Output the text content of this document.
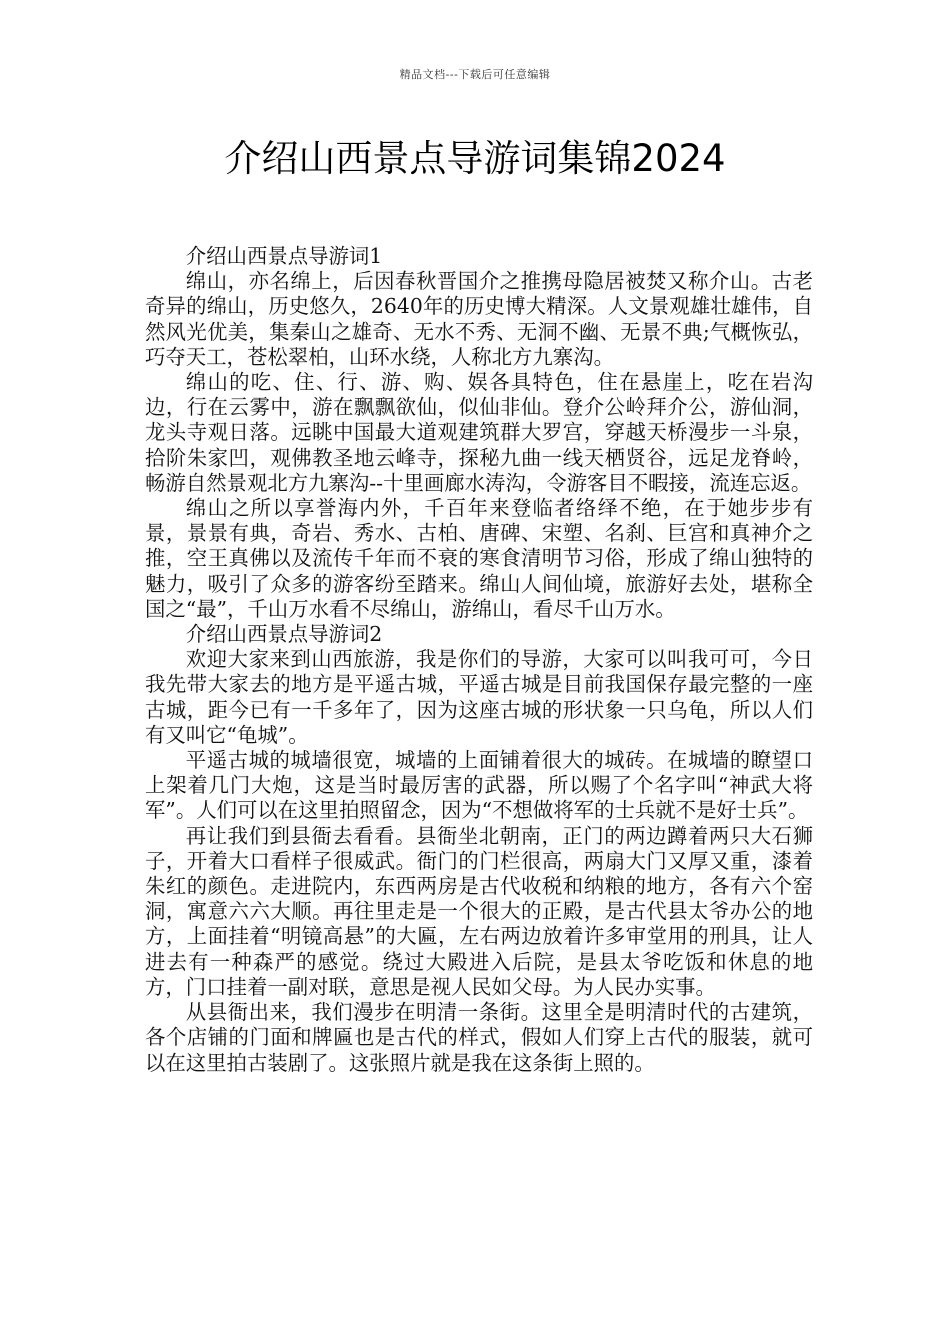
精品文档---下载后可任意编辑
介绍山西景点导游词集锦2024

介绍山西景点导游词1

绵山，亦名绵上，后因春秋晋国介之推携母隐居被焚又称介山。古老奇异的绵山，历史悠久，2640年的历史博大精深。人文景观雄壮雄伟，自然风光优美，集秦山之雄奇、无水不秀、无洞不幽、无景不典;气概恢弘，巧夺天工，苍松翠柏，山环水绕，人称北方九寨沟。

绵山的吃、住、行、游、购、娱各具特色，住在悬崖上，吃在岩沟边，行在云雾中，游在飘飘欲仙，似仙非仙。登介公岭拜介公，游仙洞，龙头寺观日落。远眺中国最大道观建筑群大罗宫，穿越天桥漫步一斗泉，拾阶朱家凹，观佛教圣地云峰寺，探秘九曲一线天栖贤谷，远足龙脊岭，畅游自然景观北方九寨沟--十里画廊水涛沟，令游客目不暇接，流连忘返。

绵山之所以享誉海内外，千百年来登临者络绎不绝，在于她步步有景，景景有典，奇岩、秀水、古柏、唐碑、宋塑、名刹、巨宫和真神介之推，空王真佛以及流传千年而不衰的寒食清明节习俗，形成了绵山独特的魅力，吸引了众多的游客纷至踏来。绵山人间仙境，旅游好去处，堪称全国之“最”，千山万水看不尽绵山，游绵山，看尽千山万水。

介绍山西景点导游词2

欢迎大家来到山西旅游，我是你们的导游，大家可以叫我可可，今日我先带大家去的地方是平遥古城，平遥古城是目前我国保存最完整的一座古城，距今已有一千多年了，因为这座古城的形状象一只乌龟，所以人们有又叫它“龟城”。

平遥古城的城墙很宽，城墙的上面铺着很大的城砖。在城墙的瞭望口上架着几门大炮，这是当时最厉害的武器，所以赐了个名字叫“神武大将军”。人们可以在这里拍照留念，因为“不想做将军的士兵就不是好士兵”。

再让我们到县衙去看看。县衙坐北朝南，正门的两边蹲着两只大石狮子，开着大口看样子很威武。衙门的门栏很高，两扇大门又厚又重，漆着朱红的颜色。走进院内，东西两房是古代收税和纳粮的地方，各有六个窑洞，寓意六六大顺。再往里走是一个很大的正殿，是古代县太爷办公的地方，上面挂着“明镜高悬”的大匾，左右两边放着许多审堂用的刑具，让人进去有一种森严的感觉。绕过大殿进入后院，是县太爷吃饭和休息的地方，门口挂着一副对联，意思是视人民如父母。为人民办实事。

从县衙出来，我们漫步在明清一条街。这里全是明清时代的古建筑，各个店铺的门面和牌匾也是古代的样式，假如人们穿上古代的服装，就可以在这里拍古装剧了。这张照片就是我在这条街上照的。
